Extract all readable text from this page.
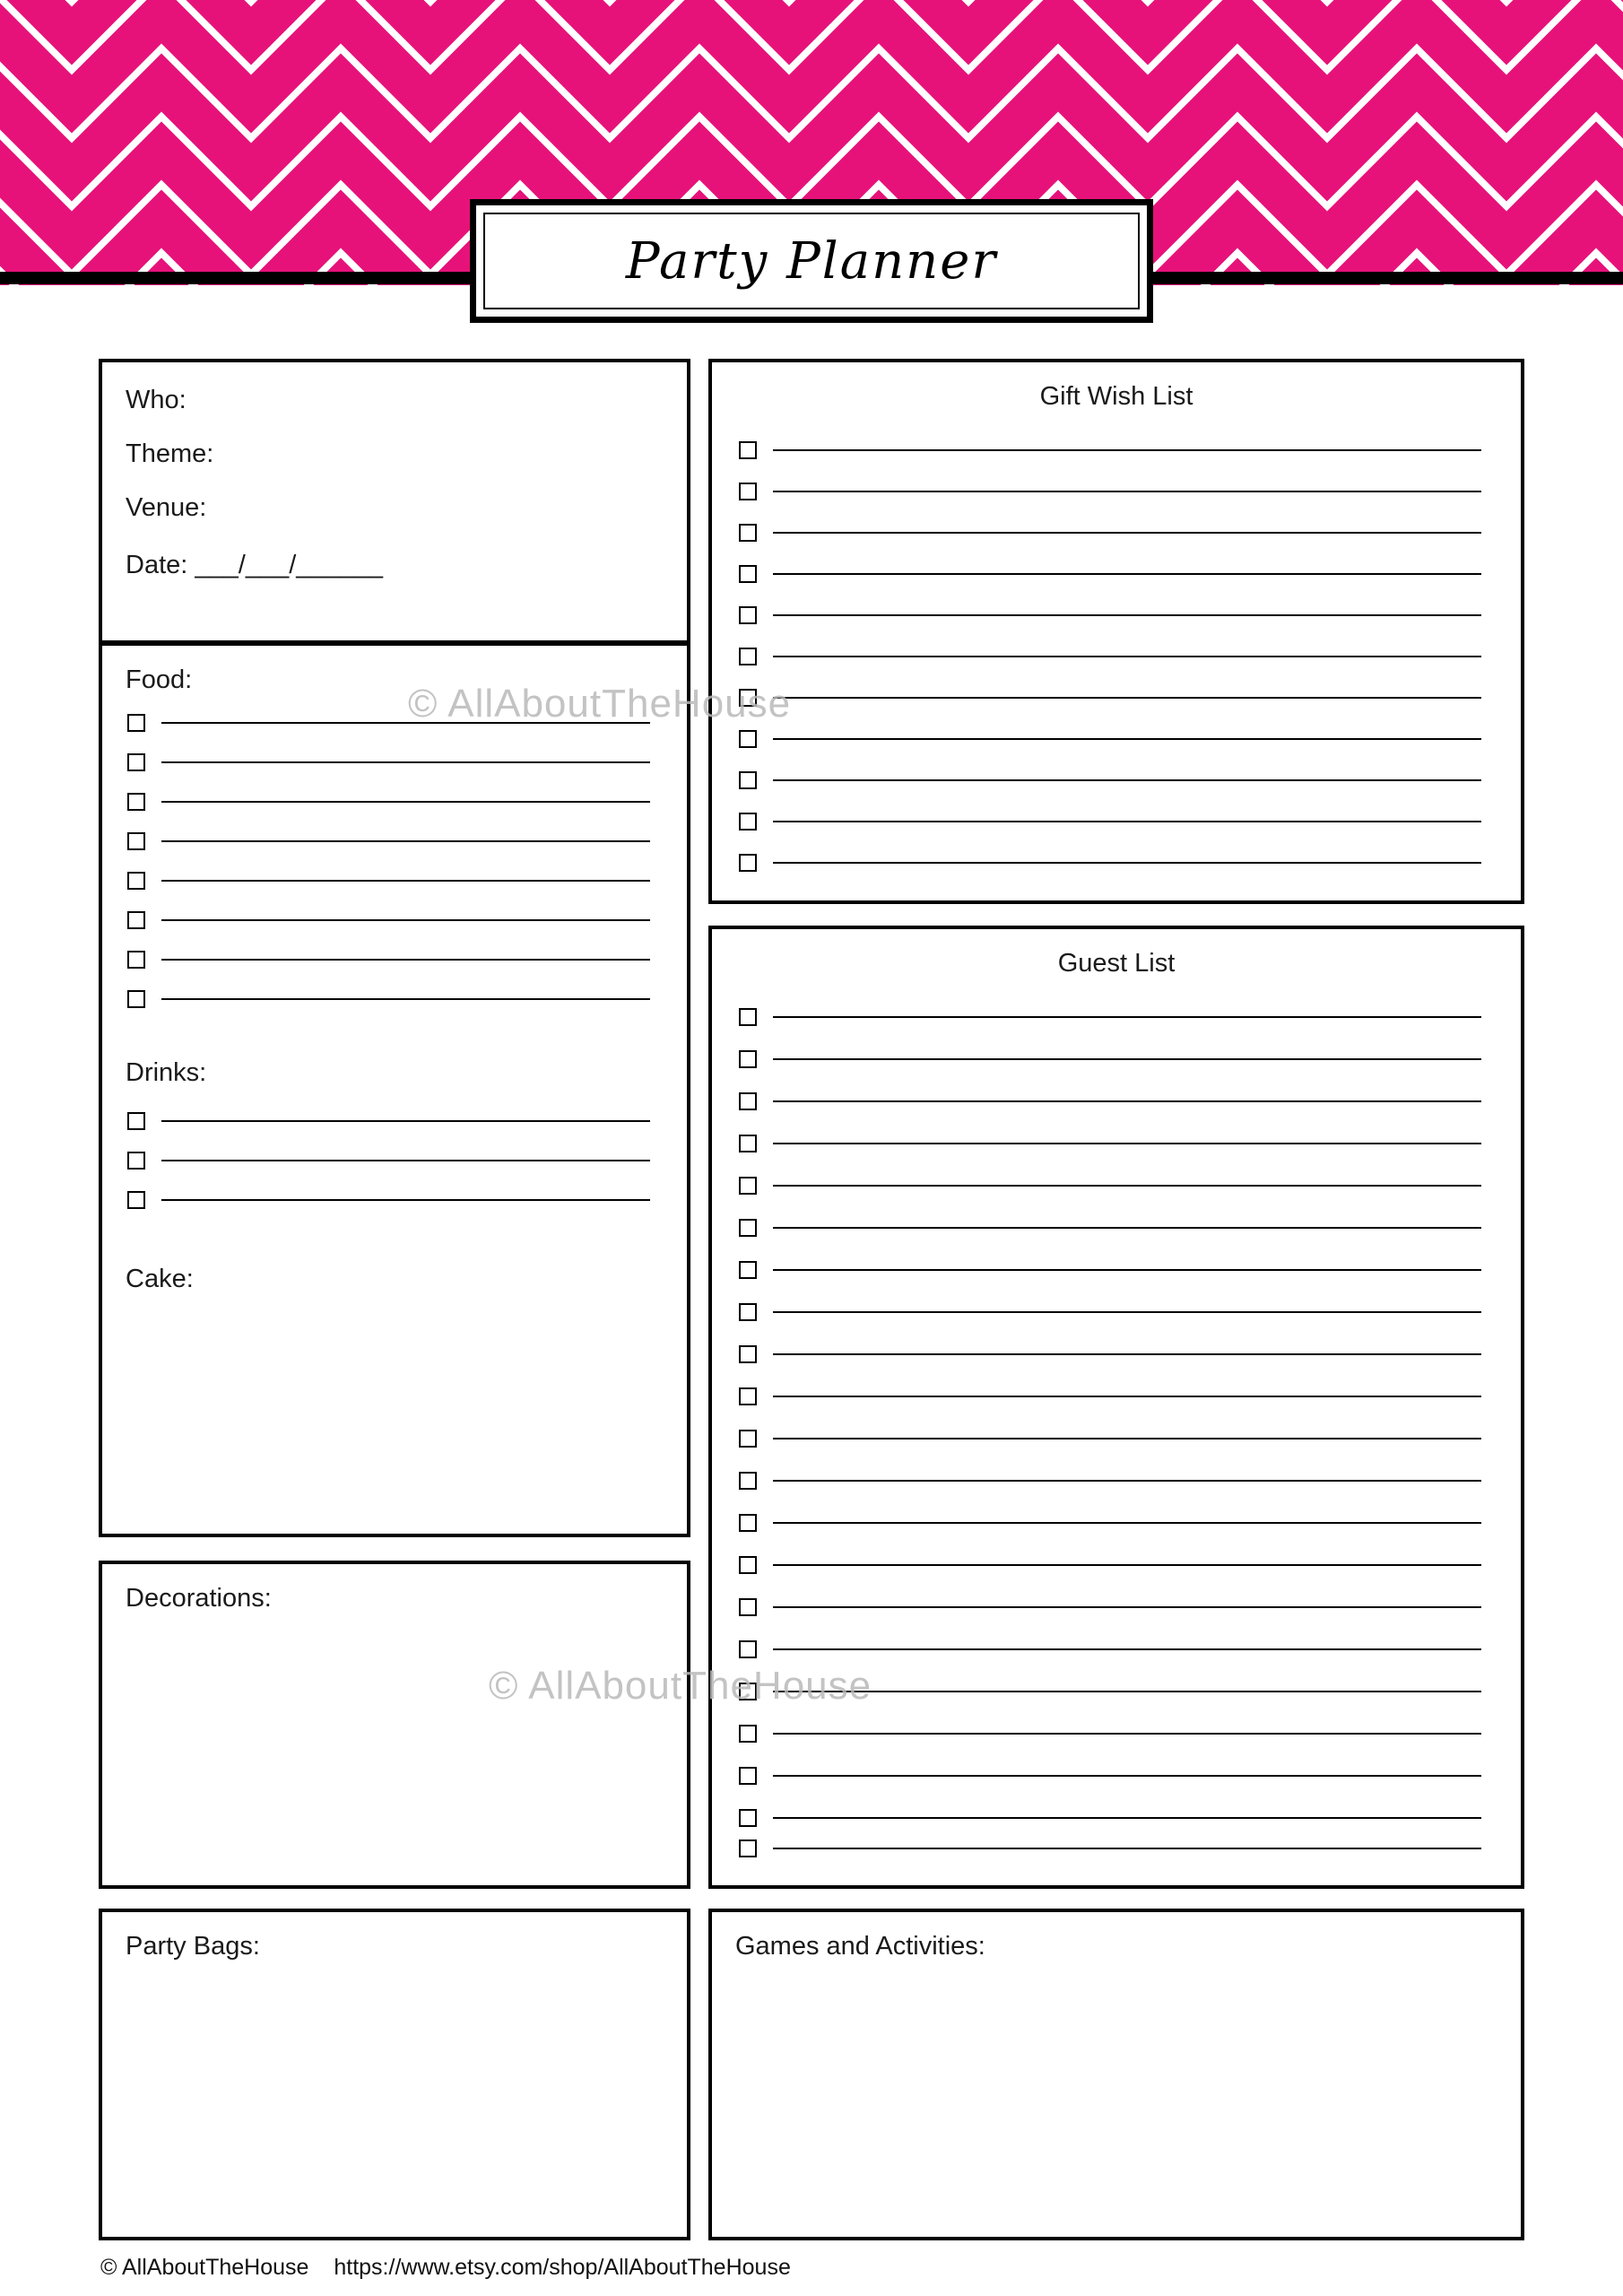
Party Planner
Who:
Theme:
Venue:
Date: ___/___/______
Food:
Drinks:
Cake:
Decorations:
Party Bags:
Gift Wish List
Guest List
Games and Activities:
© AllAboutTheHouse
© AllAboutTheHouse
© AllAboutTheHouse https://www.etsy.com/shop/AllAboutTheHouse
